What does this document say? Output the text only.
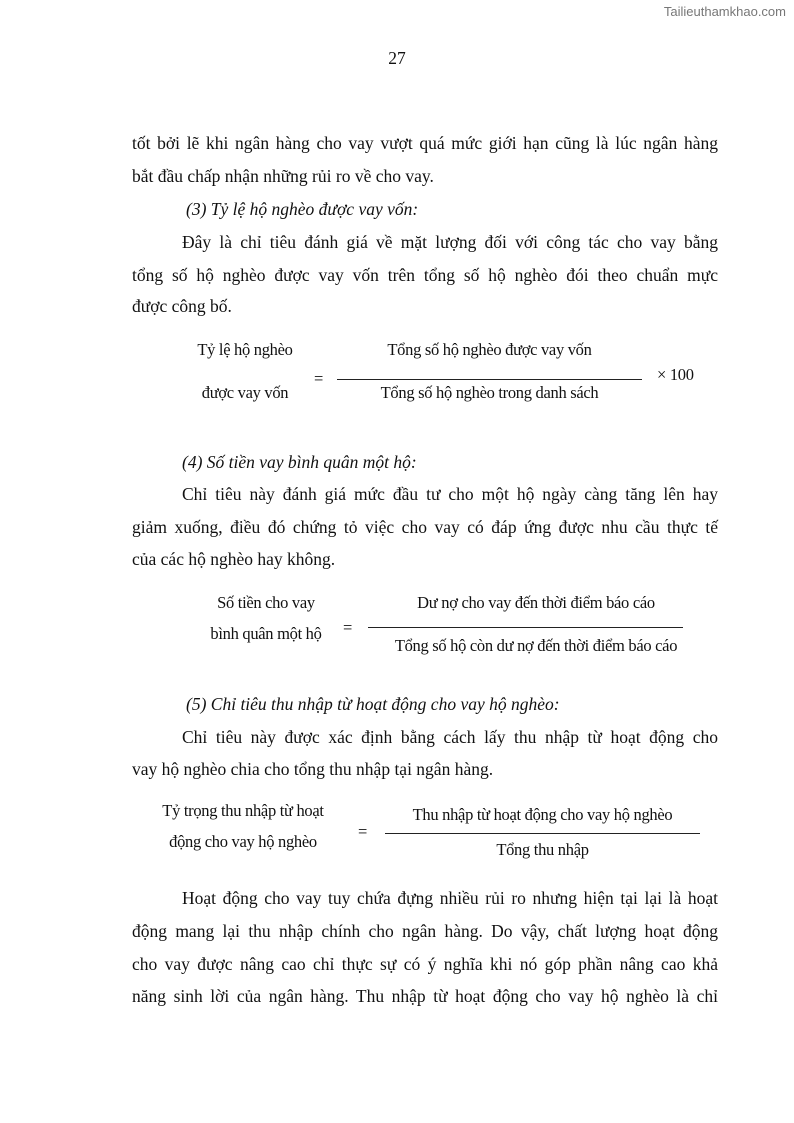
Tailieuthamkhao.com
27
tốt bởi lẽ khi ngân hàng cho vay vượt quá mức giới hạn cũng là lúc ngân hàng
bắt đầu chấp nhận những rủi ro về cho vay.
(3) Tỷ lệ hộ nghèo được vay vốn:
Đây là chỉ tiêu đánh giá về mặt lượng đối với công tác cho vay bằng
tổng số hộ nghèo được vay vốn trên tổng số hộ nghèo đói theo chuẩn mực
được công bố.
Tỷ lệ hộ nghèo
được vay vốn
=
Tổng số hộ nghèo được vay vốn
Tổng số hộ nghèo trong danh sách
× 100
(4) Số tiền vay bình quân một hộ:
Chỉ tiêu này đánh giá mức đầu tư cho một hộ ngày càng tăng lên hay
giảm xuống, điều đó chứng tỏ việc cho vay có đáp ứng được nhu cầu thực tế
của các hộ nghèo hay không.
Số tiền cho vay
bình quân một hộ	=
Dư nợ cho vay đến thời điểm báo cáo
Tổng số hộ còn dư nợ đến thời điểm báo cáo
(5) Chỉ tiêu thu nhập từ hoạt động cho vay hộ nghèo:
Chỉ tiêu này được xác định bằng cách lấy thu nhập từ hoạt động cho
vay hộ nghèo chia cho tổng thu nhập tại ngân hàng.
Tỷ trọng thu nhập từ hoạt
động cho vay hộ nghèo
=
Thu nhập từ hoạt động cho vay hộ nghèo
Tổng thu nhập
Hoạt động cho vay tuy chứa đựng nhiều rủi ro nhưng hiện tại lại là hoạt
động mang lại thu nhập chính cho ngân hàng. Do vậy, chất lượng hoạt động
cho vay được nâng cao chỉ thực sự có ý nghĩa khi nó góp phần nâng cao khả
năng sinh lời của ngân hàng. Thu nhập từ hoạt động cho vay hộ nghèo là chỉ
